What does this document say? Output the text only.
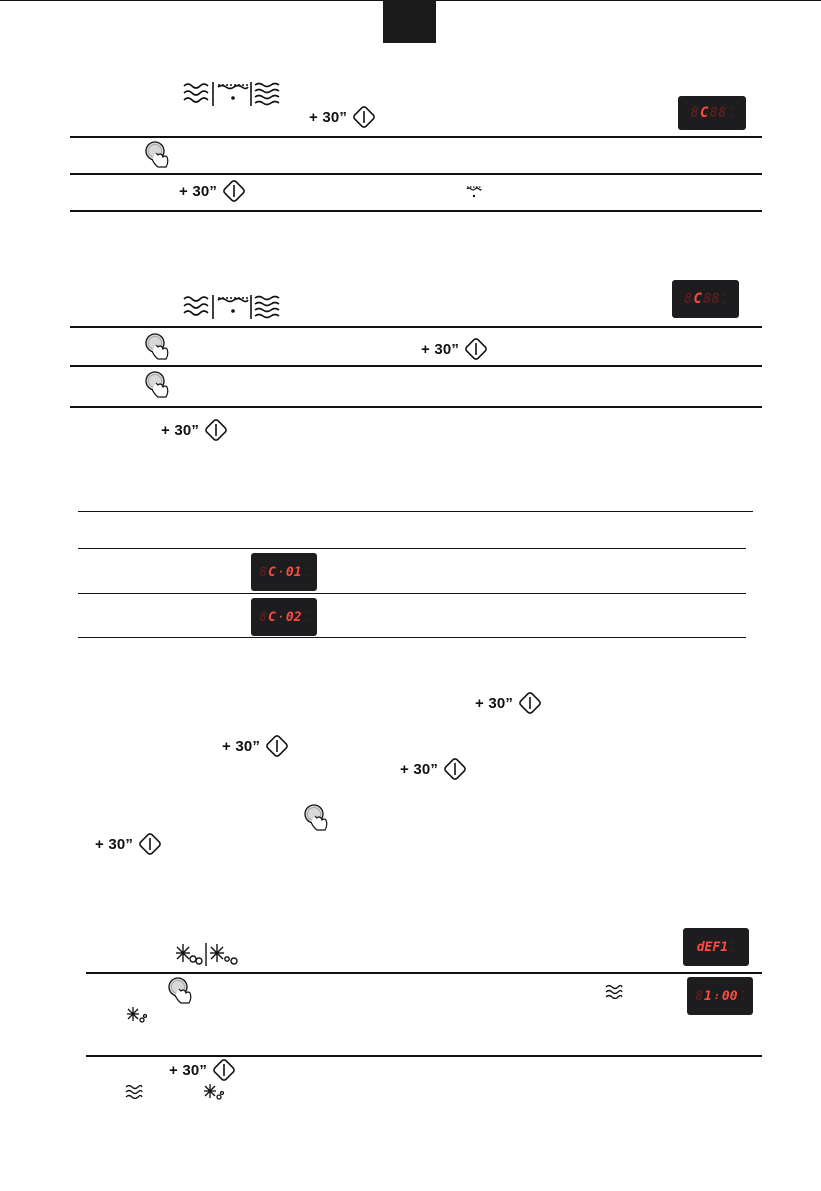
+ 30”	8 C 88 ∘
∘
+ 30”
8 C 88 ∘
∘
+ 30”
+ 30”
8 C · 01 ∘
∘
8 C · 02 ∘
∘
+ 30”
+ 30”
+ 30”
+ 30”
dEF1 ∘
∘
8 1 : 00 ∘
∘
+ 30”
